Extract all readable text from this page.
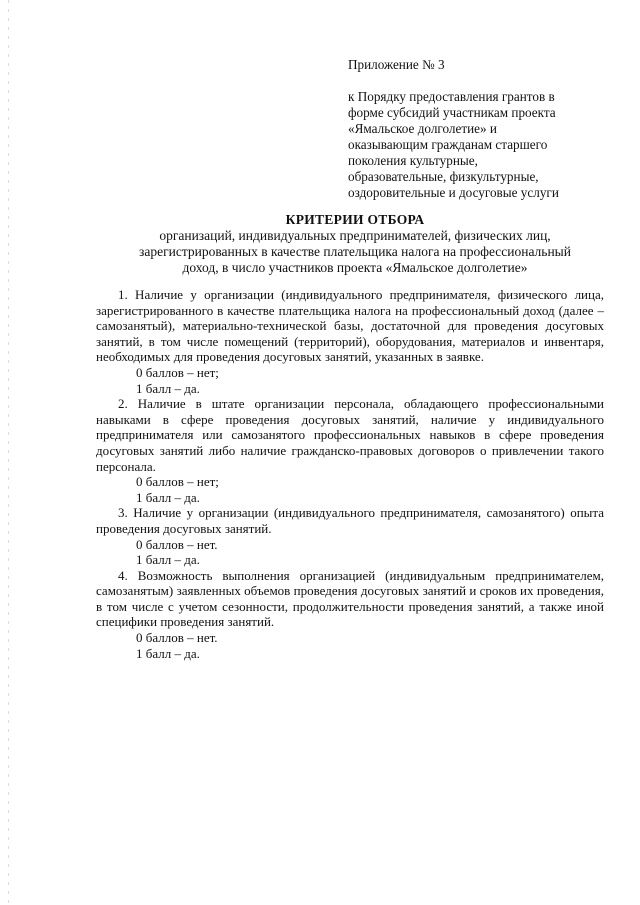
Приложение № 3
к Порядку предоставления грантов в
форме субсидий участникам проекта
«Ямальское долголетие» и
оказывающим гражданам старшего
поколения культурные,
образовательные, физкультурные,
оздоровительные и досуговые услуги
КРИТЕРИИ ОТБОРА
организаций, индивидуальных предпринимателей, физических лиц,
зарегистрированных в качестве плательщика налога на профессиональный
доход, в число участников проекта «Ямальское долголетие»

1. Наличие у организации (индивидуального предпринимателя, физического лица, зарегистрированного в качестве плательщика налога на профессиональный доход (далее – самозанятый), материально-технической базы, достаточной для проведения досуговых занятий, в том числе помещений (территорий), оборудования, материалов и инвентаря, необходимых для проведения досуговых занятий, указанных в заявке.

0 баллов – нет;

1 балл – да.

2. Наличие в штате организации персонала, обладающего профессиональными навыками в сфере проведения досуговых занятий, наличие у индивидуального предпринимателя или самозанятого профессиональных навыков в сфере проведения досуговых занятий либо наличие гражданско-правовых договоров о привлечении такого персонала.

0 баллов – нет;

1 балл – да.

3. Наличие у организации (индивидуального предпринимателя, самозанятого) опыта проведения досуговых занятий.

0 баллов – нет.

1 балл – да.

4. Возможность выполнения организацией (индивидуальным предпринимателем, самозанятым) заявленных объемов проведения досуговых занятий и сроков их проведения, в том числе с учетом сезонности, продолжительности проведения занятий, а также иной специфики проведения занятий.

0 баллов – нет.

1 балл – да.
